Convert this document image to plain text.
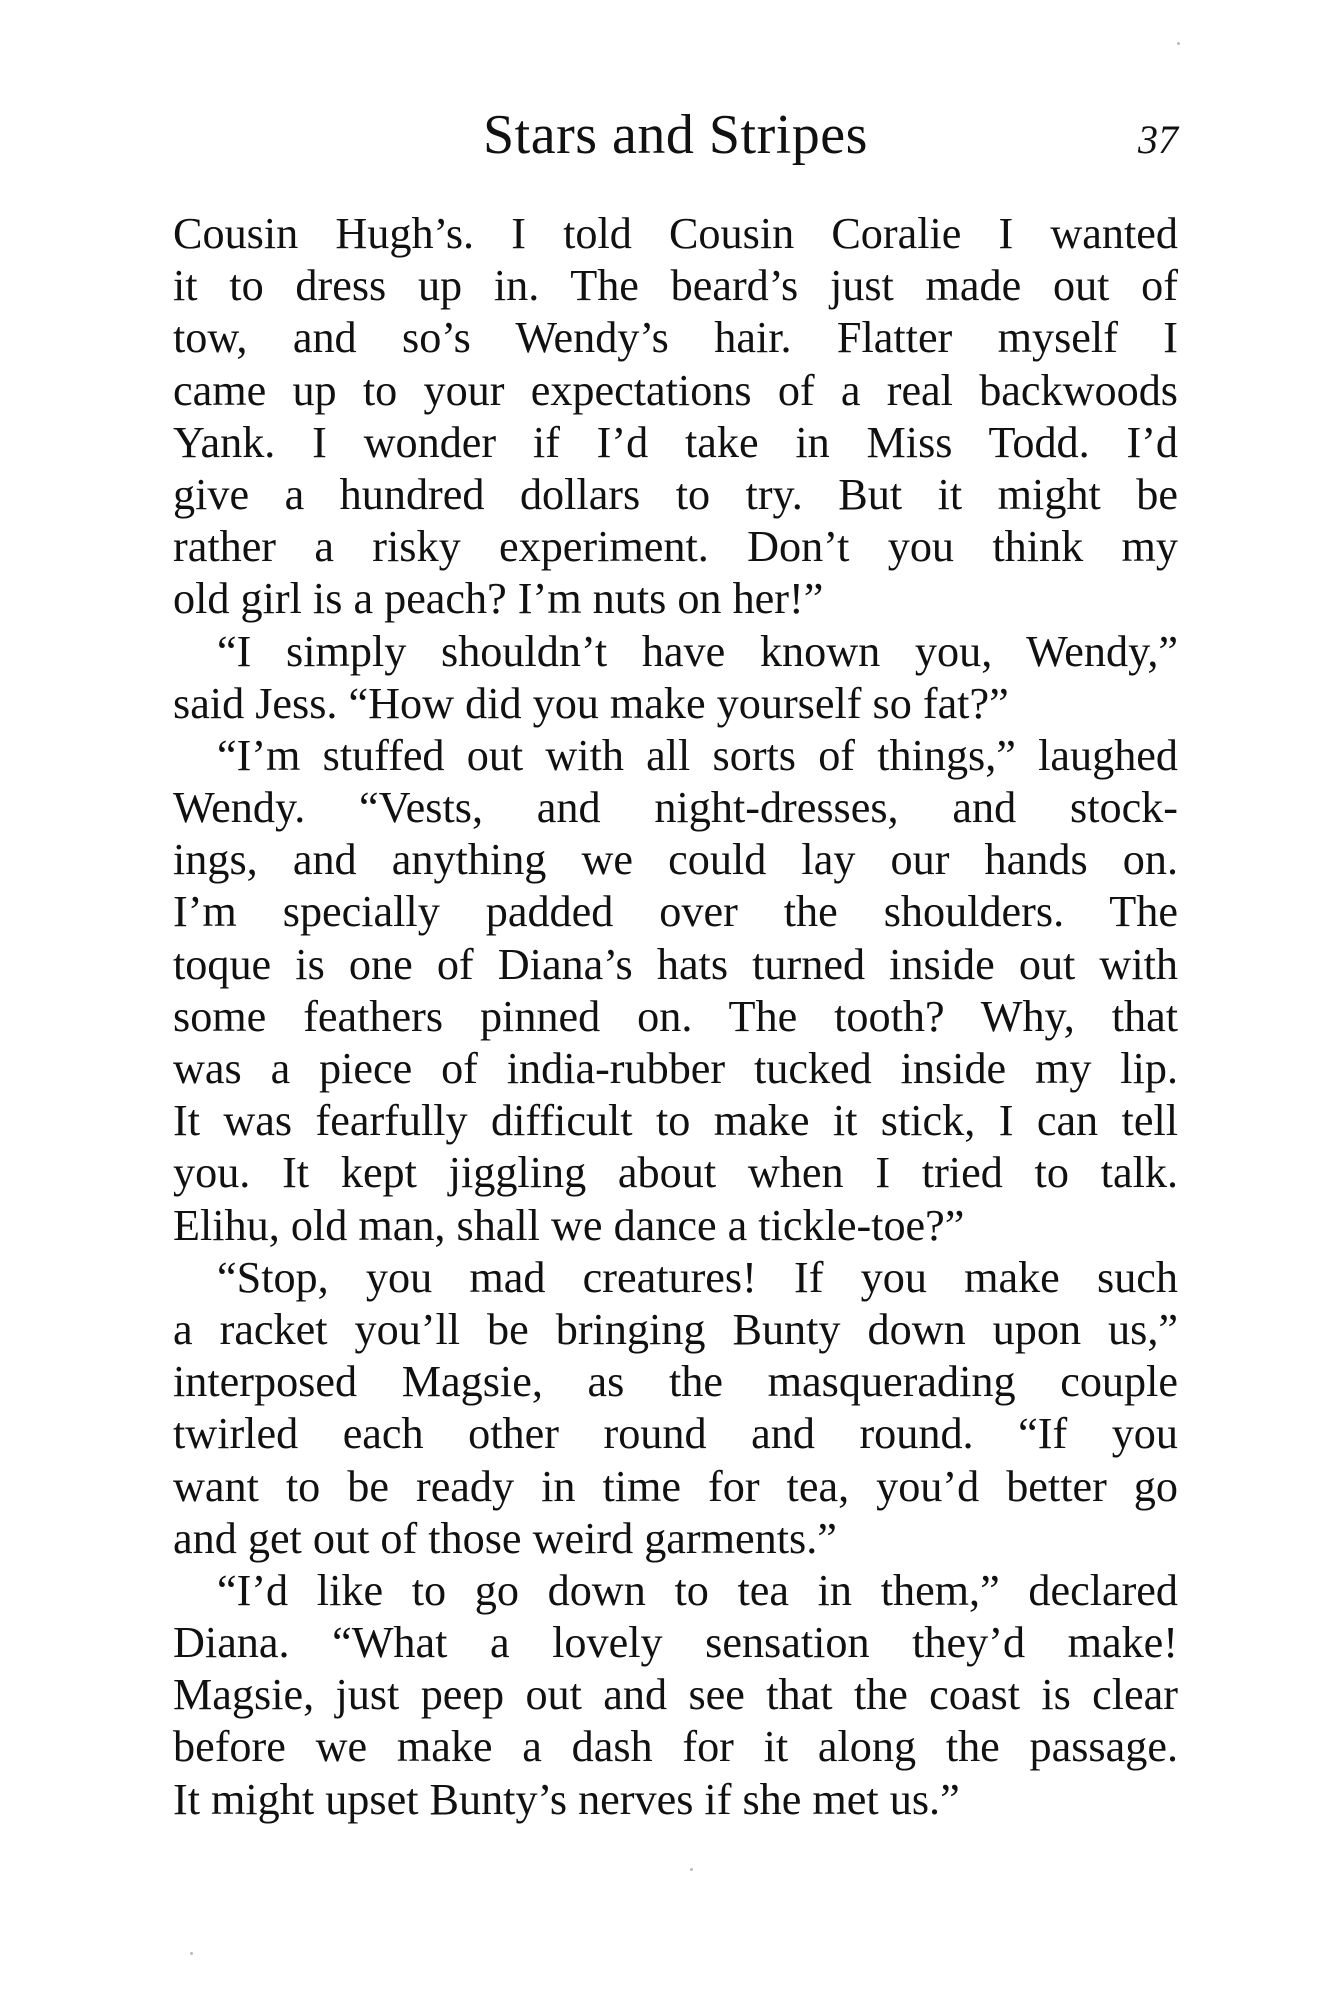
Stars and Stripes	37
Cousin Hugh’s. I told Cousin Coralie I wanted
it to dress up in. The beard’s just made out of
tow, and so’s Wendy’s hair. Flatter myself I
came up to your expectations of a real backwoods
Yank. I wonder if I’d take in Miss Todd. I’d
give a hundred dollars to try. But it might be
rather a risky experiment. Don’t you think my
old girl is a peach? I’m nuts on her!”
“I simply shouldn’t have known you, Wendy,”
said Jess. “How did you make yourself so fat?”
“I’m stuffed out with all sorts of things,” laughed
Wendy. “Vests, and night-dresses, and stock-
ings, and anything we could lay our hands on.
I’m specially padded over the shoulders. The
toque is one of Diana’s hats turned inside out with
some feathers pinned on. The tooth? Why, that
was a piece of india-rubber tucked inside my lip.
It was fearfully difficult to make it stick, I can tell
you. It kept jiggling about when I tried to talk.
Elihu, old man, shall we dance a tickle-toe?”
“Stop, you mad creatures! If you make such
a racket you’ll be bringing Bunty down upon us,”
interposed Magsie, as the masquerading couple
twirled each other round and round. “If you
want to be ready in time for tea, you’d better go
and get out of those weird garments.”
“I’d like to go down to tea in them,” declared
Diana. “What a lovely sensation they’d make!
Magsie, just peep out and see that the coast is clear
before we make a dash for it along the passage.
It might upset Bunty’s nerves if she met us.”
